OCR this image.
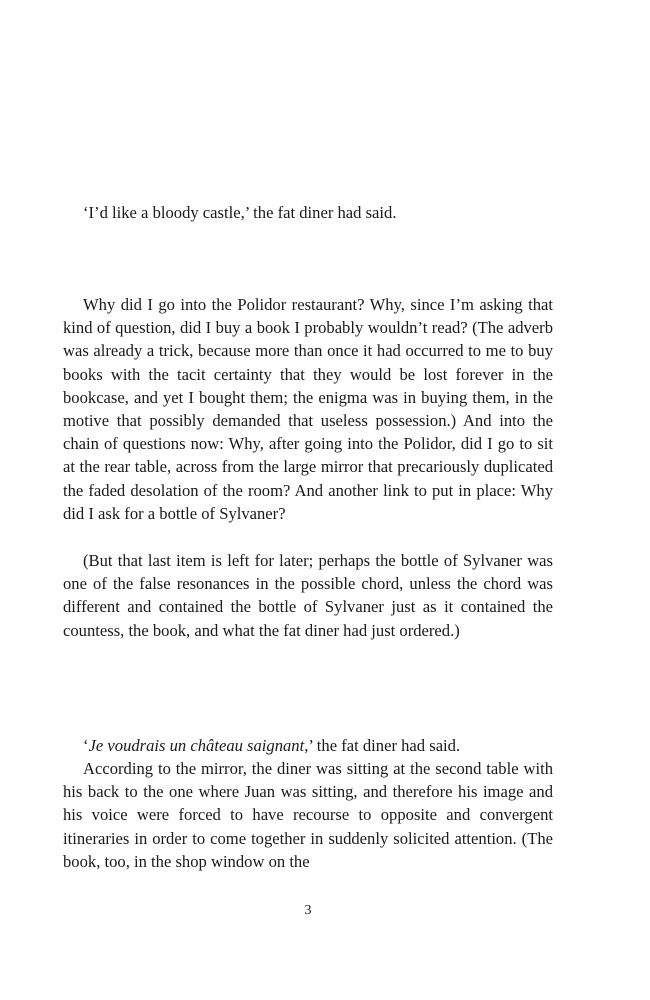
‘I’d like a bloody castle,’ the fat diner had said.

Why did I go into the Polidor restaurant? Why, since I’m asking that kind of question, did I buy a book I probably wouldn’t read? (The adverb was already a trick, because more than once it had occurred to me to buy books with the tacit certainty that they would be lost forever in the bookcase, and yet I bought them; the enigma was in buying them, in the motive that possibly demanded that useless possession.) And into the chain of questions now: Why, after going into the Polidor, did I go to sit at the rear table, across from the large mirror that precariously duplicated the faded desolation of the room? And another link to put in place: Why did I ask for a bottle of Sylvaner?

(But that last item is left for later; perhaps the bottle of Sylvaner was one of the false resonances in the possible chord, unless the chord was different and contained the bottle of Sylvaner just as it contained the countess, the book, and what the fat diner had just ordered.)

‘Je voudrais un château saignant,’ the fat diner had said.

According to the mirror, the diner was sitting at the second table with his back to the one where Juan was sitting, and therefore his image and his voice were forced to have recourse to opposite and convergent itineraries in order to come together in suddenly solicited attention. (The book, too, in the shop window on the

3
